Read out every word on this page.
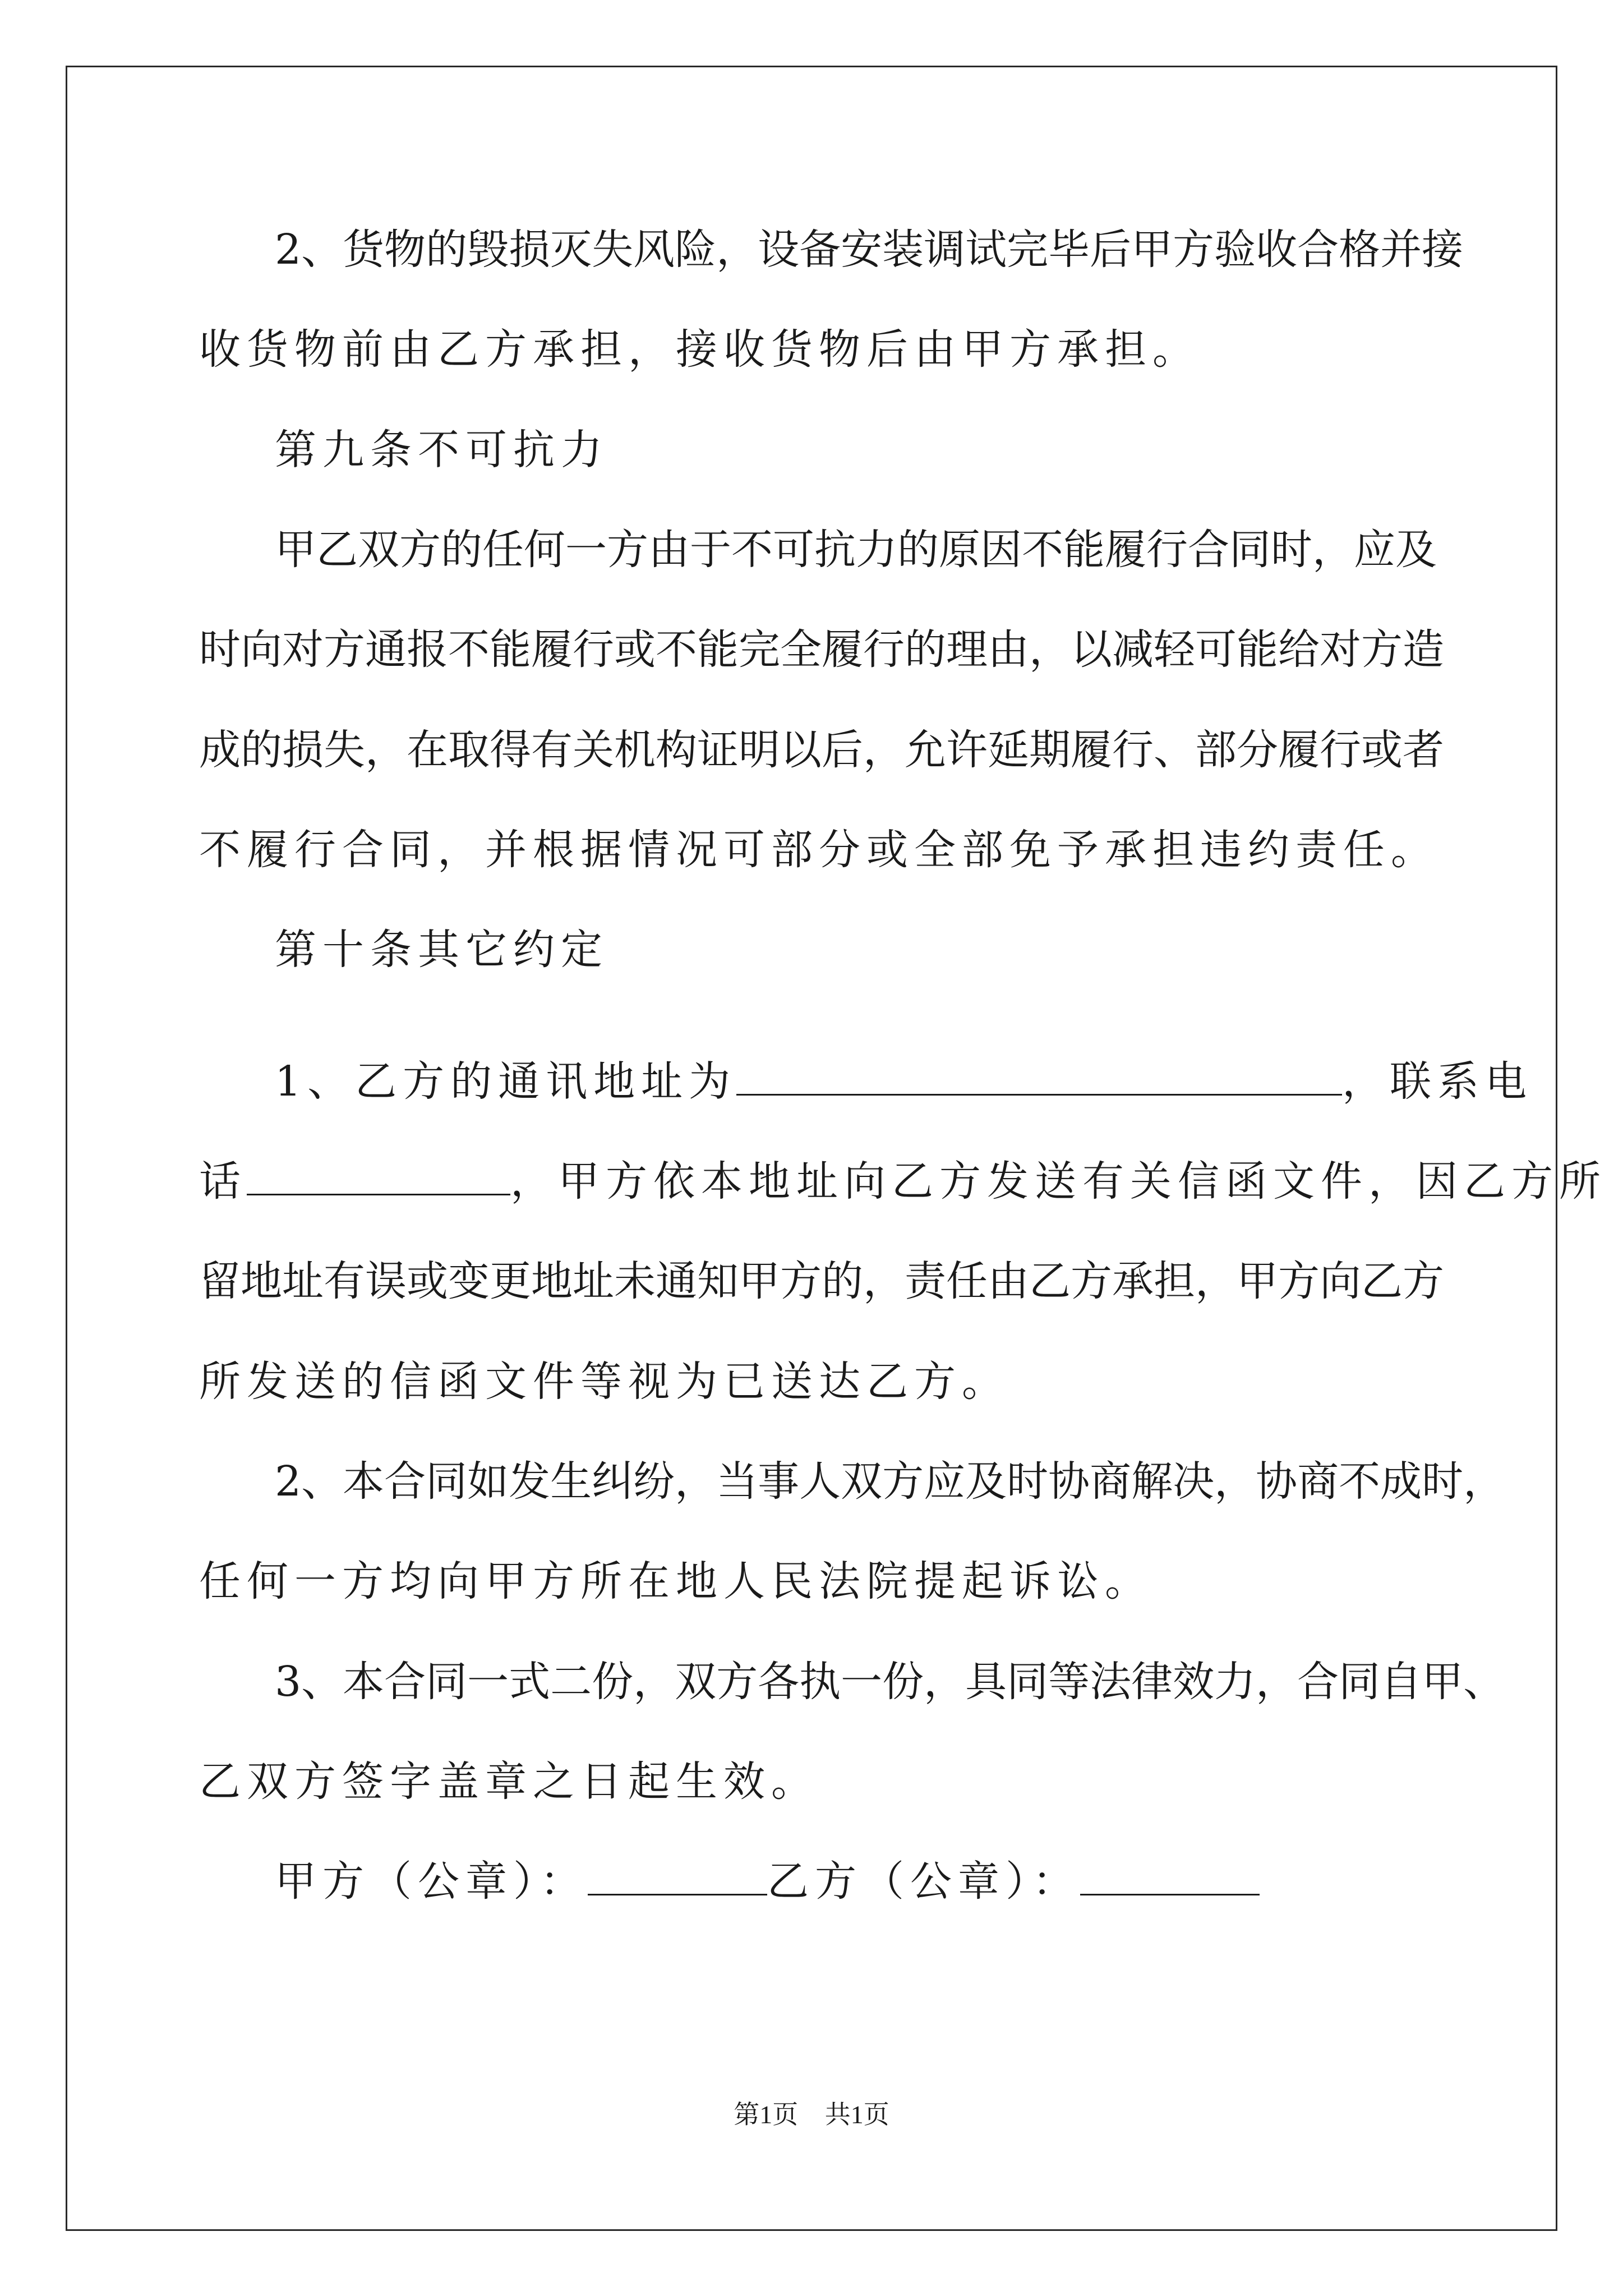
2、货物的毁损灭失风险，设备安装调试完毕后甲方验收合格并接
收货物前由乙方承担，接收货物后由甲方承担。
第九条不可抗力
甲乙双方的任何一方由于不可抗力的原因不能履行合同时，应及
时向对方通报不能履行或不能完全履行的理由，以减轻可能给对方造
成的损失，在取得有关机构证明以后，允许延期履行、部分履行或者
不履行合同，并根据情况可部分或全部免予承担违约责任。
第十条其它约定
1、乙方的通讯地址为	，联系电
话	，甲方依本地址向乙方发送有关信函文件，因乙方所
留地址有误或变更地址未通知甲方的，责任由乙方承担，甲方向乙方
所发送的信函文件等视为已送达乙方。
2、本合同如发生纠纷，当事人双方应及时协商解决，协商不成时，
任何一方均向甲方所在地人民法院提起诉讼。
3、本合同一式二份，双方各执一份，具同等法律效力，合同自甲、
乙双方签字盖章之日起生效。
甲方（公章）：	乙方（公章）：
第1页 共1页
